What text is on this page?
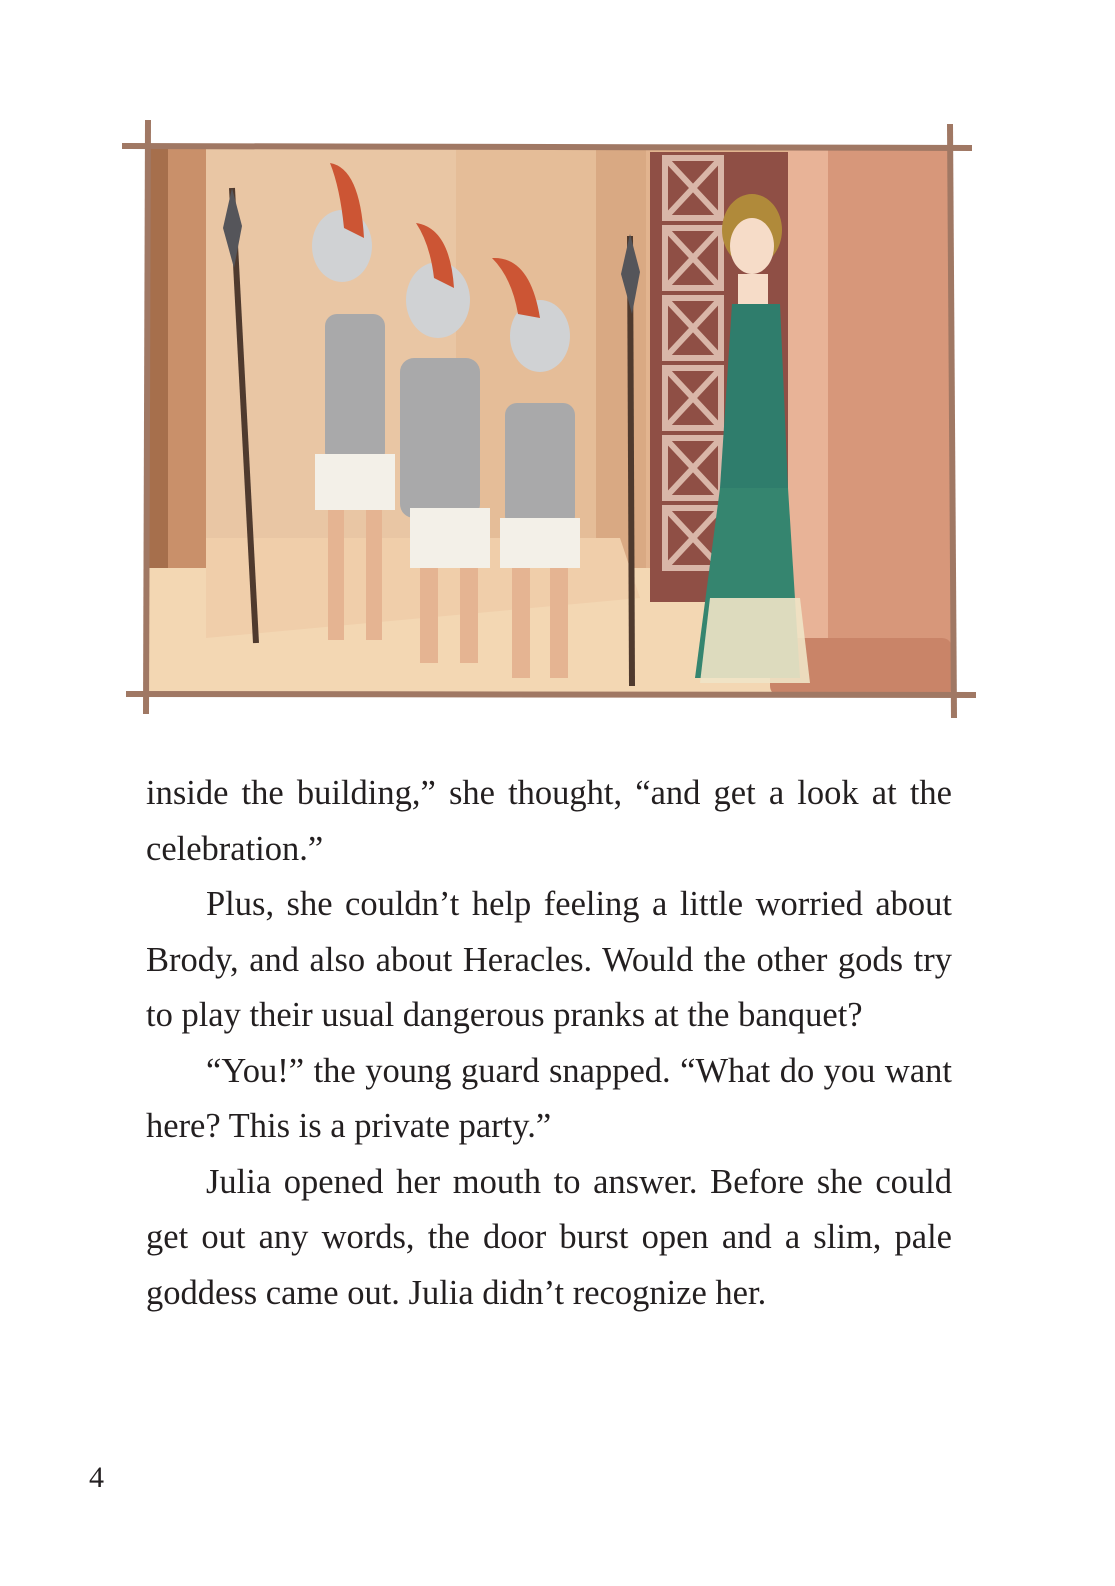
inside the building,” she thought, “and get a look at the celebration.”

Plus, she couldn’t help feeling a little worried about Brody, and also about Heracles. Would the other gods try to play their usual dangerous pranks at the banquet?

“You!” the young guard snapped. “What do you want here? This is a private party.”

Julia opened her mouth to answer. Before she could get out any words, the door burst open and a slim, pale goddess came out. Julia didn’t recognize her.

4
